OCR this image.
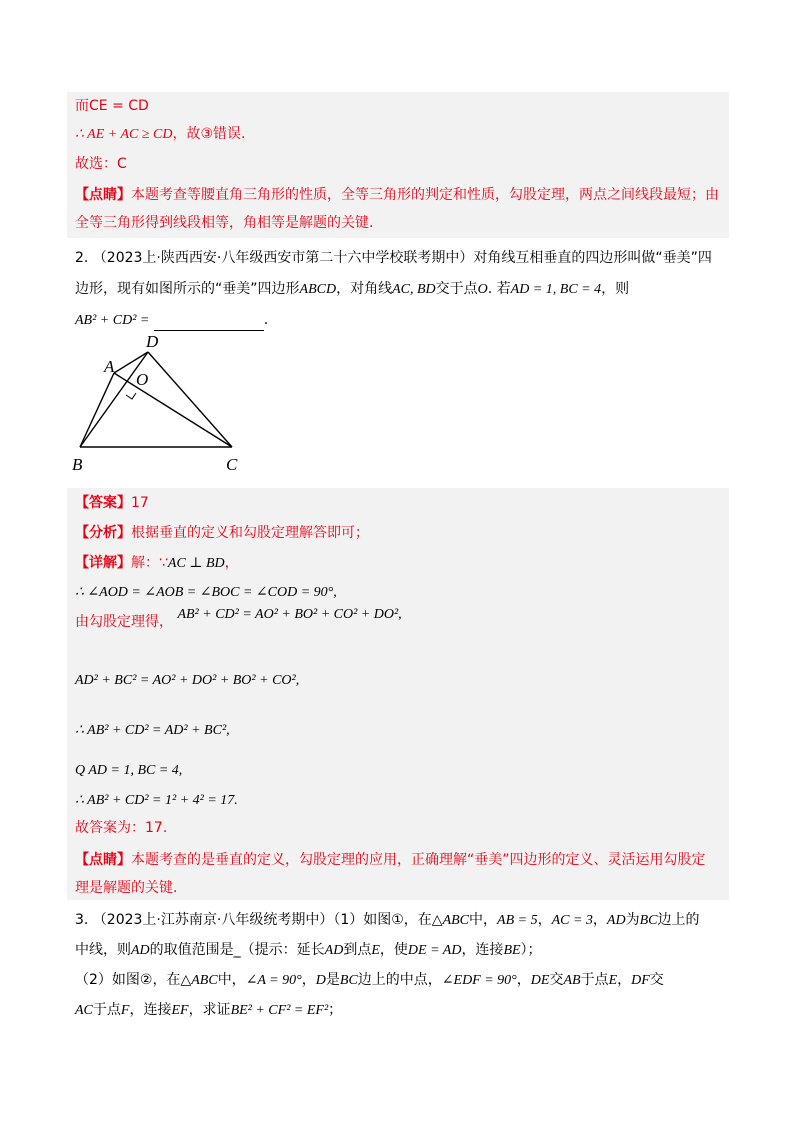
而CE = CD
∴ AE + AC ≥ CD，故③错误.
故选：C
【点睛】本题考查等腰直角三角形的性质，全等三角形的判定和性质，勾股定理，两点之间线段最短；由
全等三角形得到线段相等，角相等是解题的关键.
2. （2023上·陕西西安·八年级西安市第二十六中学校联考期中）对角线互相垂直的四边形叫做“垂美”四
边形，现有如图所示的“垂美”四边形ABCD，对角线AC, BD交于点O. 若AD = 1, BC = 4，则
AB² + CD² =	.
D
A
O
B	C
【答案】17
【分析】根据垂直的定义和勾股定理解答即可；
【详解】解：∵AC ⊥ BD，
∴ ∠AOD = ∠AOB = ∠BOC = ∠COD = 90°,
由勾股定理得， AB² + CD² = AO² + BO² + CO² + DO²,
AD² + BC² = AO² + DO² + BO² + CO²,
∴ AB² + CD² = AD² + BC²,
Q AD = 1, BC = 4,
∴ AB² + CD² = 1² + 4² = 17.
故答案为：17.
【点睛】本题考查的是垂直的定义，勾股定理的应用，正确理解“垂美”四边形的定义、灵活运用勾股定
理是解题的关键.
3. （2023上·江苏南京·八年级统考期中）（1）如图①，在△ABC中，AB = 5，AC = 3，AD为BC边上的
中线，则AD的取值范围是_（提示：延长AD到点E，使DE = AD，连接BE）；
（2）如图②，在△ABC中，∠A = 90°，D是BC边上的中点，∠EDF = 90°，DE交AB于点E，DF交
AC于点F，连接EF，求证BE² + CF² = EF²；
